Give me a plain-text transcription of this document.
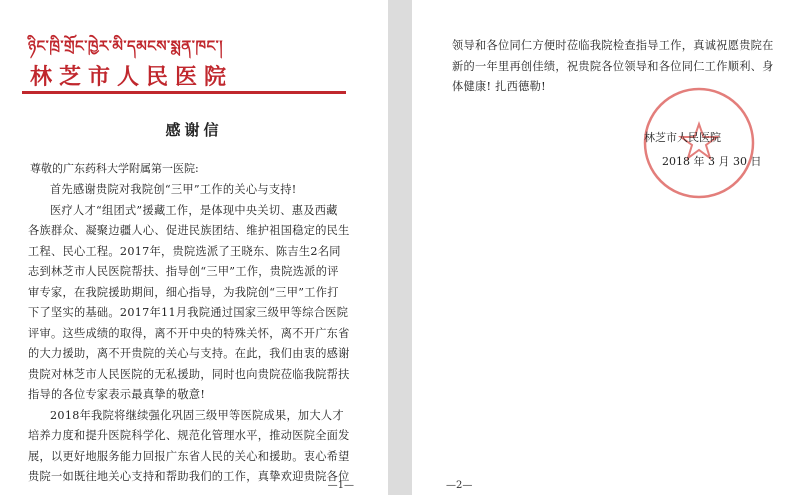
ཉིང་ཁྲི་གྲོང་ཁྱེར་མི་དམངས་སྨན་ཁང་།
林芝市人民医院
感谢信
尊敬的广东药科大学附属第一医院:
首先感谢贵院对我院创“三甲”工作的关心与支持!
医疗人才“组团式”援藏工作，是体现中央关切、惠及西藏
各族群众、凝聚边疆人心、促进民族团结、维护祖国稳定的民生
工程、民心工程。2017年，贵院选派了王晓东、陈吉生2名同
志到林芝市人民医院帮扶、指导创“三甲”工作，贵院选派的评
审专家，在我院援助期间，细心指导，为我院创“三甲”工作打
下了坚实的基础。2017年11月我院通过国家三级甲等综合医院
评审。这些成绩的取得，离不开中央的特殊关怀，离不开广东省
的大力援助，离不开贵院的关心与支持。在此，我们由衷的感谢
贵院对林芝市人民医院的无私援助，同时也向贵院莅临我院帮扶
指导的各位专家表示最真挚的敬意!
2018年我院将继续强化巩固三级甲等医院成果，加大人才
培养力度和提升医院科学化、规范化管理水平，推动医院全面发
展，以更好地服务能力回报广东省人民的关心和援助。衷心希望
贵院一如既往地关心支持和帮助我们的工作，真挚欢迎贵院各位
—1—
领导和各位同仁方便时莅临我院检查指导工作，真诚祝愿贵院在
新的一年里再创佳绩，祝贵院各位领导和各位同仁工作顺利、身
体健康! 扎西德勒!
林芝市人民医院
2018 年 3 月 30 日
—2—
